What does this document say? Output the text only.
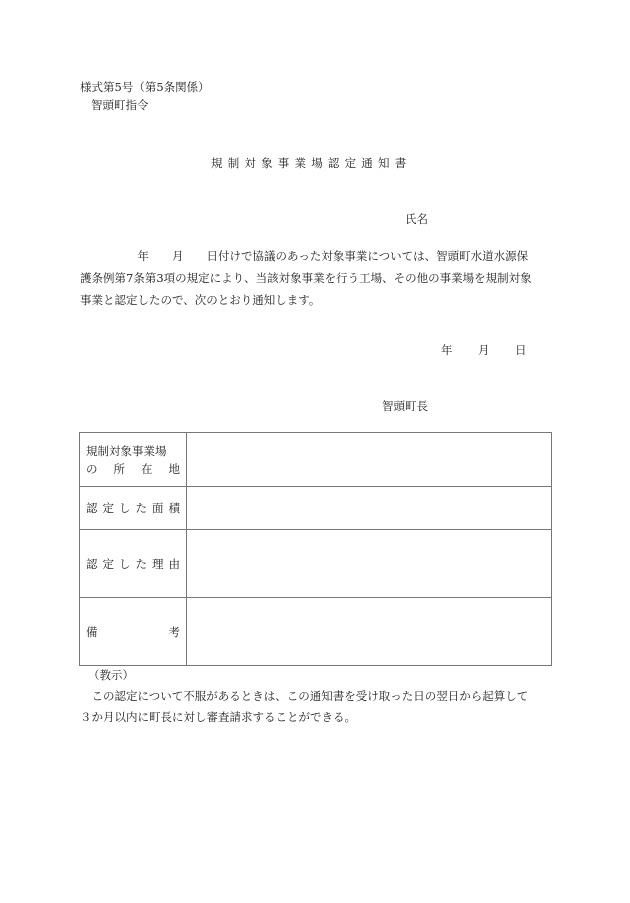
様式第5号（第5条関係）
智頭町指令
規制対象事業場認定通知書
氏名
　　　　　年　　月　　日付けで協議のあった対象事業については、智頭町水道水源保
護条例第7条第3項の規定により、当該対象事業を行う工場、その他の事業場を規制対象
事業と認定したので、次のとおり通知します。
年 月 日
智頭町長
規制対象事業場
の 所 在 地	

認 定 し た 面 積

認 定 し た 理 由

備 考	

（教示）
　この認定について不服があるときは、この通知書を受け取った日の翌日から起算して
３か月以内に町長に対し審査請求することができる。
